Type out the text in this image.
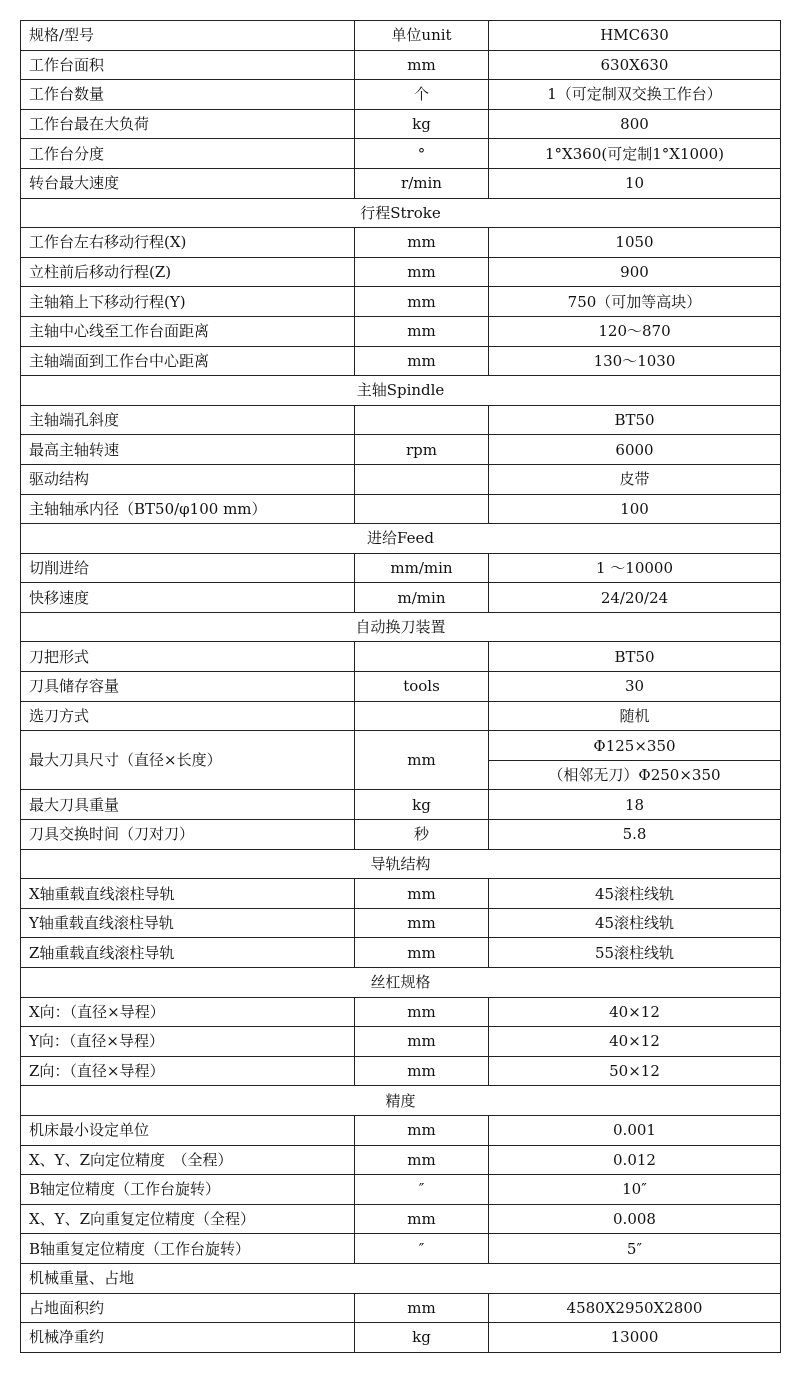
规格/型号	单位unit	HMC630
工作台面积	mm	630X630
工作台数量	个	1（可定制双交换工作台）
工作台最在大负荷	kg	800
工作台分度	°	1°X360(可定制1°X1000)
转台最大速度	r/min	10
行程Stroke		
工作台左右移动行程(X)	mm	1050
立柱前后移动行程(Z)	mm	900
主轴箱上下移动行程(Y)	mm	750（可加等高块）
主轴中心线至工作台面距离	mm	120～870
主轴端面到工作台中心距离	mm	130～1030
主轴Spindle		
主轴端孔斜度		BT50
最高主轴转速	rpm	6000
驱动结构		皮带
主轴轴承内径（BT50/φ100 mm）		100
进给Feed		
切削进给	mm/min	1 ～10000
快移速度	m/min	24/20/24
自动换刀装置		
刀把形式		BT50
刀具储存容量	tools	30
选刀方式		随机
最大刀具尺寸（直径×长度）	mm	Φ125×350
		（相邻无刀）Φ250×350
最大刀具重量	kg	18
刀具交换时间（刀对刀）	秒	5.8
导轨结构		
X轴重载直线滚柱导轨	mm	45滚柱线轨
Y轴重载直线滚柱导轨	mm	45滚柱线轨
Z轴重载直线滚柱导轨	mm	55滚柱线轨
丝杠规格		
X向：（直径×导程）	mm	40×12
Y向：（直径×导程）	mm	40×12
Z向：（直径×导程）	mm	50×12
精度		
机床最小设定单位	mm	0.001
X、Y、Z向定位精度　（全程）	mm	0.012
B轴定位精度（工作台旋转）	″	10″
X、Y、Z向重复定位精度（全程）	mm	0.008
B轴重复定位精度（工作台旋转）	″	5″
机械重量、占地		
占地面积约	mm	4580X2950X2800
机械净重约	kg	13000
